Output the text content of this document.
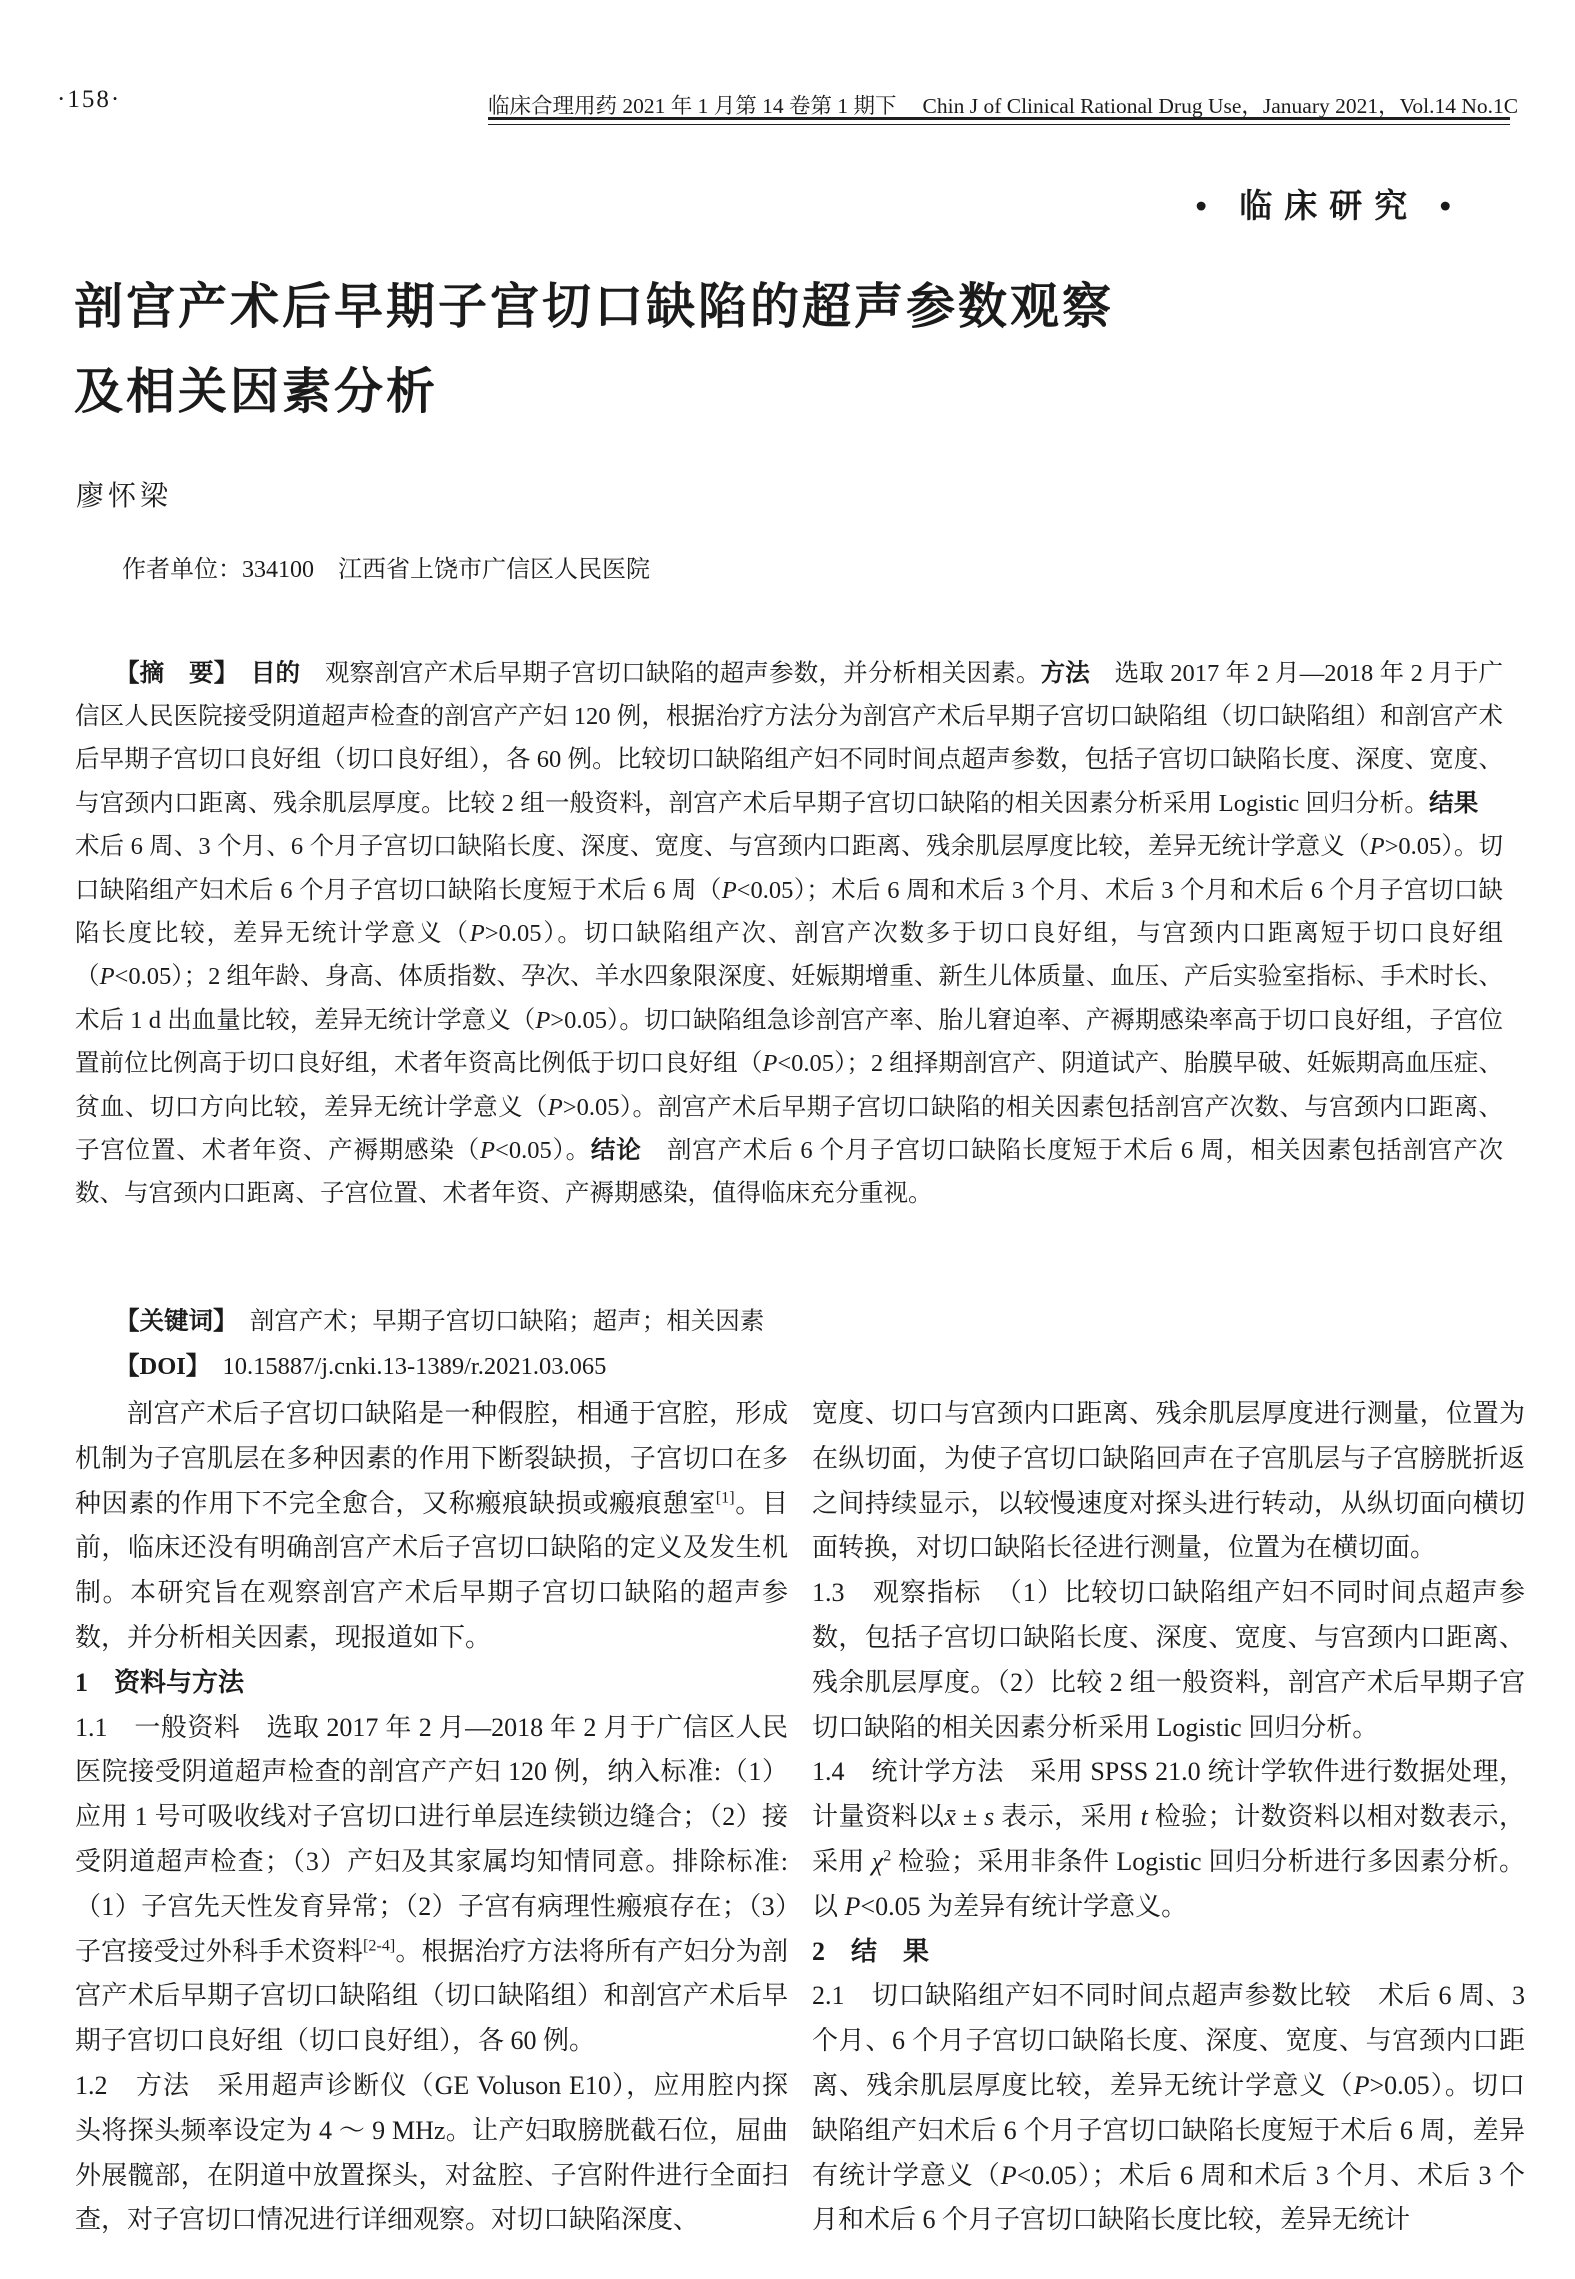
·158·	临床合理用药 2021 年 1 月第 14 卷第 1 期下 Chin J of Clinical Rational Drug Use，January 2021，Vol.14 No.1C
• 临床研究 •
剖宫产术后早期子宫切口缺陷的超声参数观察
及相关因素分析
廖怀梁
作者单位：334100　江西省上饶市广信区人民医院

【摘　要】　目的　观察剖宫产术后早期子宫切口缺陷的超声参数，并分析相关因素。方法　选取 2017 年 2 月—2018 年 2 月于广信区人民医院接受阴道超声检查的剖宫产产妇 120 例，根据治疗方法分为剖宫产术后早期子宫切口缺陷组（切口缺陷组）和剖宫产术后早期子宫切口良好组（切口良好组），各 60 例。比较切口缺陷组产妇不同时间点超声参数，包括子宫切口缺陷长度、深度、宽度、与宫颈内口距离、残余肌层厚度。比较 2 组一般资料，剖宫产术后早期子宫切口缺陷的相关因素分析采用 Logistic 回归分析。结果　术后 6 周、3 个月、6 个月子宫切口缺陷长度、深度、宽度、与宫颈内口距离、残余肌层厚度比较，差异无统计学意义（P>0.05）。切口缺陷组产妇术后 6 个月子宫切口缺陷长度短于术后 6 周（P<0.05）；术后 6 周和术后 3 个月、术后 3 个月和术后 6 个月子宫切口缺陷长度比较，差异无统计学意义（P>0.05）。切口缺陷组产次、剖宫产次数多于切口良好组，与宫颈内口距离短于切口良好组（P<0.05）；2 组年龄、身高、体质指数、孕次、羊水四象限深度、妊娠期增重、新生儿体质量、血压、产后实验室指标、手术时长、术后 1 d 出血量比较，差异无统计学意义（P>0.05）。切口缺陷组急诊剖宫产率、胎儿窘迫率、产褥期感染率高于切口良好组，子宫位置前位比例高于切口良好组，术者年资高比例低于切口良好组（P<0.05）；2 组择期剖宫产、阴道试产、胎膜早破、妊娠期高血压症、贫血、切口方向比较，差异无统计学意义（P>0.05）。剖宫产术后早期子宫切口缺陷的相关因素包括剖宫产次数、与宫颈内口距离、子宫位置、术者年资、产褥期感染（P<0.05）。结论　剖宫产术后 6 个月子宫切口缺陷长度短于术后 6 周，相关因素包括剖宫产次数、与宫颈内口距离、子宫位置、术者年资、产褥期感染，值得临床充分重视。

【关键词】　剖宫产术；早期子宫切口缺陷；超声；相关因素

【DOI】　10.15887/j.cnki.13-1389/r.2021.03.065

剖宫产术后子宫切口缺陷是一种假腔，相通于宫腔，形成机制为子宫肌层在多种因素的作用下断裂缺损，子宫切口在多种因素的作用下不完全愈合，又称瘢痕缺损或瘢痕憩室[1]。目前，临床还没有明确剖宫产术后子宫切口缺陷的定义及发生机制。本研究旨在观察剖宫产术后早期子宫切口缺陷的超声参数，并分析相关因素，现报道如下。

1　资料与方法

1.1　一般资料　选取 2017 年 2 月—2018 年 2 月于广信区人民医院接受阴道超声检查的剖宫产产妇 120 例，纳入标准:（1）应用 1 号可吸收线对子宫切口进行单层连续锁边缝合；（2）接受阴道超声检查；（3）产妇及其家属均知情同意。排除标准:（1）子宫先天性发育异常；（2）子宫有病理性瘢痕存在；（3）子宫接受过外科手术资料[2-4]。根据治疗方法将所有产妇分为剖宫产术后早期子宫切口缺陷组（切口缺陷组）和剖宫产术后早期子宫切口良好组（切口良好组），各 60 例。

1.2　方法　采用超声诊断仪（GE Voluson E10），应用腔内探头将探头频率设定为 4 ～ 9 MHz。让产妇取膀胱截石位，屈曲外展髋部，在阴道中放置探头，对盆腔、子宫附件进行全面扫查，对子宫切口情况进行详细观察。对切口缺陷深度、

宽度、切口与宫颈内口距离、残余肌层厚度进行测量，位置为在纵切面，为使子宫切口缺陷回声在子宫肌层与子宫膀胱折返之间持续显示，以较慢速度对探头进行转动，从纵切面向横切面转换，对切口缺陷长径进行测量，位置为在横切面。

1.3　观察指标　（1）比较切口缺陷组产妇不同时间点超声参数，包括子宫切口缺陷长度、深度、宽度、与宫颈内口距离、残余肌层厚度。（2）比较 2 组一般资料，剖宫产术后早期子宫切口缺陷的相关因素分析采用 Logistic 回归分析。

1.4　统计学方法　采用 SPSS 21.0 统计学软件进行数据处理，计量资料以x̄ ± s 表示，采用 t 检验；计数资料以相对数表示，采用 $\chi^2$ 检验；采用非条件 Logistic 回归分析进行多因素分析。以 P<0.05 为差异有统计学意义。

2　结　果

2.1　切口缺陷组产妇不同时间点超声参数比较　术后 6 周、3 个月、6 个月子宫切口缺陷长度、深度、宽度、与宫颈内口距离、残余肌层厚度比较，差异无统计学意义（P>0.05）。切口缺陷组产妇术后 6 个月子宫切口缺陷长度短于术后 6 周，差异有统计学意义（P<0.05）；术后 6 周和术后 3 个月、术后 3 个月和术后 6 个月子宫切口缺陷长度比较，差异无统计
